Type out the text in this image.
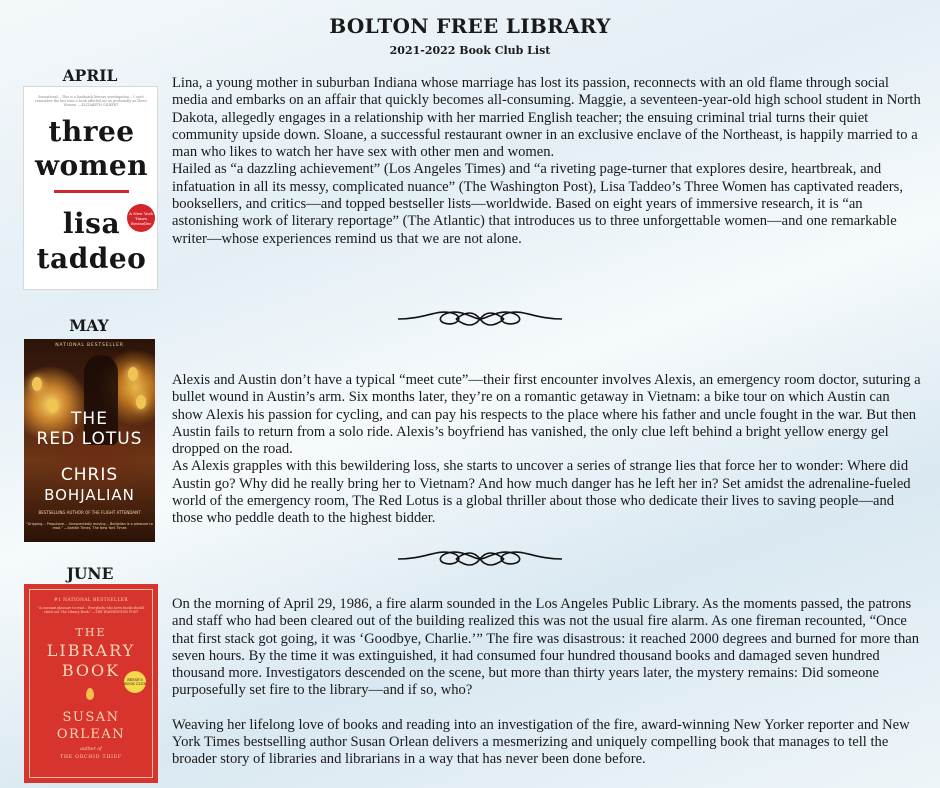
BOLTON FREE LIBRARY
2021-2022 Book Club List
APRIL
Sensational… This is a landmark literary investigation… I can't remember the last time a book affected me as profoundly as Three Women. —ELIZABETH GILBERT
three
women
A New York Times Bestseller
lisa
taddeo

Lina, a young mother in suburban Indiana whose marriage has lost its passion, reconnects with an old flame through social media and embarks on an affair that quickly becomes all-consuming. Maggie, a seventeen-year-old high school student in North Dakota, allegedly engages in a relationship with her married English teacher; the ensuing criminal trial turns their quiet community upside down. Sloane, a successful restaurant owner in an exclusive enclave of the Northeast, is happily married to a man who likes to watch her have sex with other men and women.

Hailed as “a dazzling achievement” (Los Angeles Times) and “a riveting page-turner that explores desire, heartbreak, and infatuation in all its messy, complicated nuance” (The Washington Post), Lisa Taddeo’s Three Women has captivated readers, booksellers, and critics—and topped bestseller lists—worldwide. Based on eight years of immersive research, it is “an astonishing work of literary reportage” (The Atlantic) that introduces us to three unforgettable women—and one remarkable writer—whose experiences remind us that we are not alone.

MAY
NATIONAL BESTSELLER
THE
RED LOTUS
CHRIS
BOHJALIAN
BESTSELLING AUTHOR OF THE FLIGHT ATTENDANT
"Gripping… Propulsive… Unexpectedly moving… Bohjalian is a pleasure to read." —Seattle Times, The New York Times

Alexis and Austin don’t have a typical “meet cute”—their first encounter involves Alexis, an emergency room doctor, suturing a bullet wound in Austin’s arm. Six months later, they’re on a romantic getaway in Vietnam: a bike tour on which Austin can show Alexis his passion for cycling, and can pay his respects to the place where his father and uncle fought in the war. But then Austin fails to return from a solo ride. Alexis’s boyfriend has vanished, the only clue left behind a bright yellow energy gel dropped on the road.

As Alexis grapples with this bewildering loss, she starts to uncover a series of strange lies that force her to wonder: Where did Austin go? Why did he really bring her to Vietnam? And how much danger has he left her in? Set amidst the adrenaline-fueled world of the emergency room, The Red Lotus is a global thriller about those who dedicate their lives to saving people—and those who peddle death to the highest bidder.

JUNE
#1 NATIONAL BESTSELLER
"A constant pleasure to read… Everybody who loves books should check out The Library Book." —THE WASHINGTON POST
THE
LIBRARY
BOOK	REESE'S BOOK CLUB
SUSAN
ORLEAN
author of
THE ORCHID THIEF

On the morning of April 29, 1986, a fire alarm sounded in the Los Angeles Public Library. As the moments passed, the patrons and staff who had been cleared out of the building realized this was not the usual fire alarm. As one fireman recounted, “Once that first stack got going, it was ‘Goodbye, Charlie.’” The fire was disastrous: it reached 2000 degrees and burned for more than seven hours. By the time it was extinguished, it had consumed four hundred thousand books and damaged seven hundred thousand more. Investigators descended on the scene, but more than thirty years later, the mystery remains: Did someone purposefully set fire to the library—and if so, who?

Weaving her lifelong love of books and reading into an investigation of the fire, award-winning New Yorker reporter and New York Times bestselling author Susan Orlean delivers a mesmerizing and uniquely compelling book that manages to tell the broader story of libraries and librarians in a way that has never been done before.
